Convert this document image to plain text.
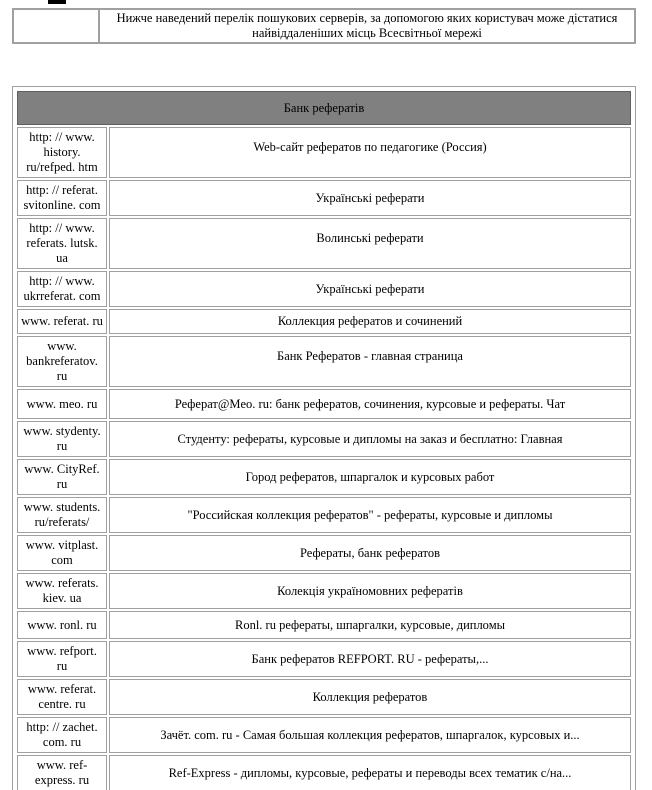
	Нижче наведений перелік пошукових серверів, за допомогою яких користувач може дістатися найвіддаленіших місць Всесвітньої мережі
Банк рефератів	
http: // www. history. ru/refped. htm	Web-сайт рефератов по педагогике (Россия)
http: // referat. svitonline. com	Українські реферати
http: // www. referats. lutsk. ua	Волинські реферати
http: // www. ukrreferat. com	Українські реферати
www. referat. ru	Коллекция рефератов и сочинений
www. bankreferatov. ru	Банк Рефератов - главная страница
www. meo. ru	Реферат@Meo. ru: банк рефератов, сочинения, курсовые и рефераты. Чат
www. stydenty. ru	Студенту: рефераты, курсовые и дипломы на заказ и бесплатно: Главная
www. CityRef. ru	Город рефератов, шпаргалок и курсовых работ
www. students. ru/referats/	"Российская коллекция рефератов" - рефераты, курсовые и дипломы
www. vitplast. com	Рефераты, банк рефератов
www. referats. kiev. ua	Колекція україномовних рефератів
www. ronl. ru	Ronl. ru рефераты, шпаргалки, курсовые, дипломы
www. refport. ru	Банк рефератов REFPORT. RU - рефераты,...
www. referat. centre. ru	Коллекция рефератов
http: // zachet. com. ru	Зачёт. com. ru - Самая большая коллекция рефератов, шпаргалок, курсовых и...
www. ref-express. ru	Ref-Express - дипломы, курсовые, рефераты и переводы всех тематик с/на...
